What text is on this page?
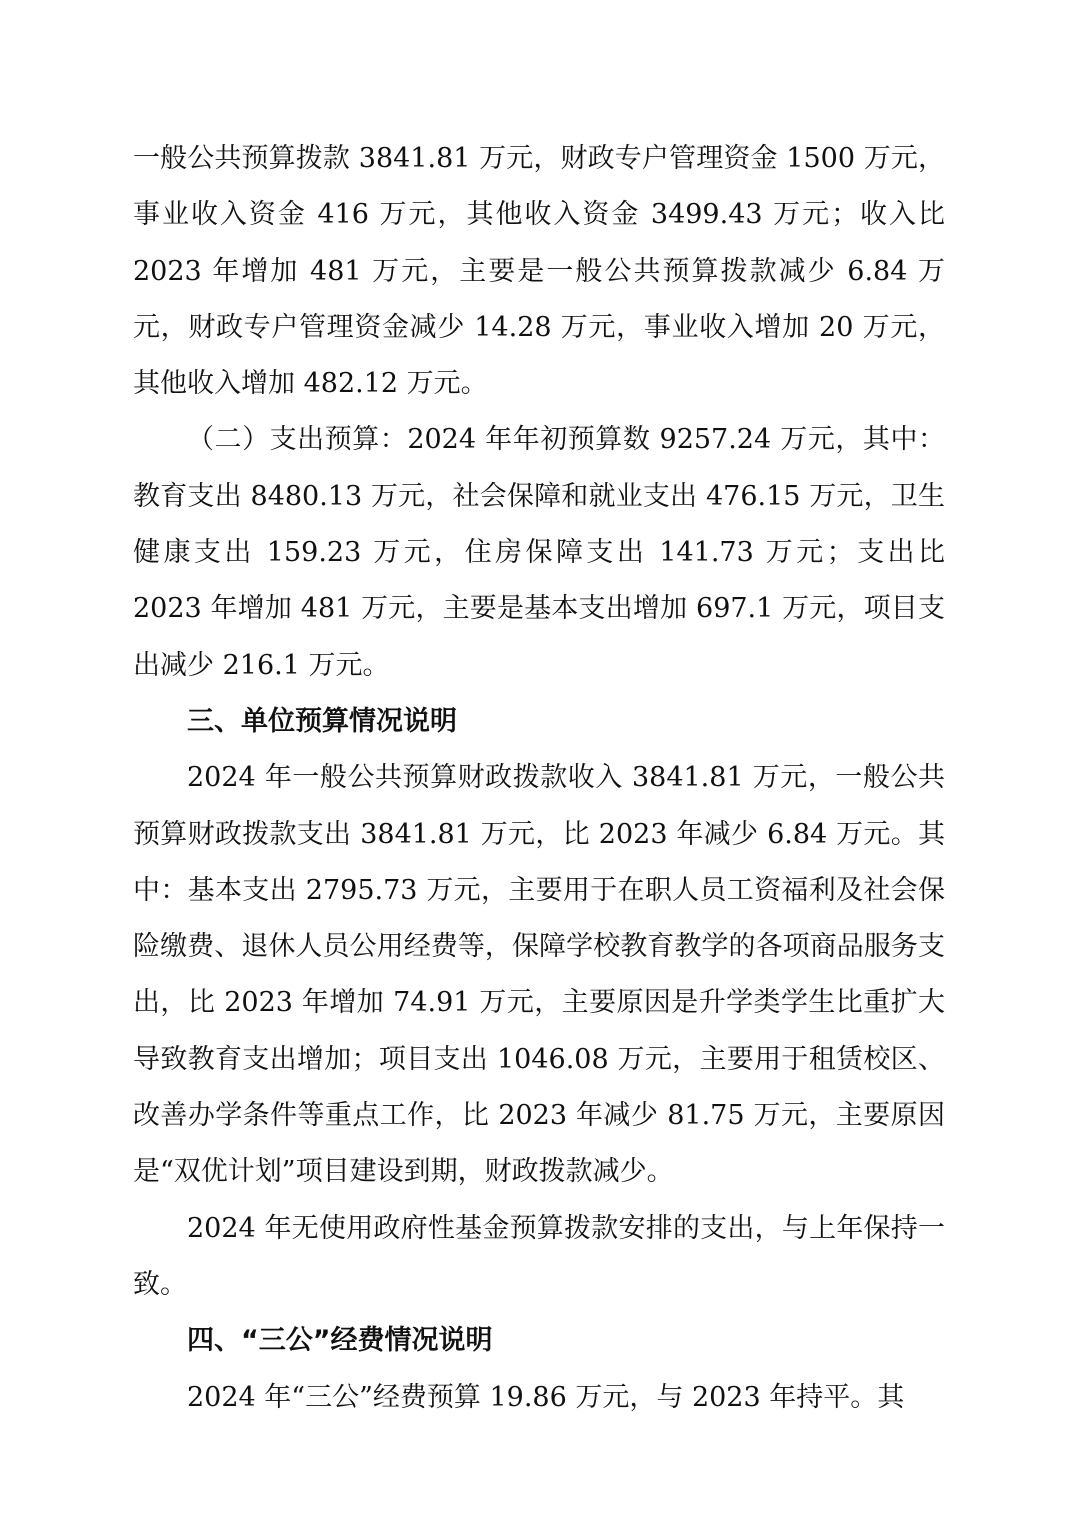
一般公共预算拨款 3841.81 万元，财政专户管理资金 1500 万元，事业收入资金 416 万元，其他收入资金 3499.43 万元；收入比 2023 年增加 481 万元，主要是一般公共预算拨款减少 6.84 万元，财政专户管理资金减少 14.28 万元，事业收入增加 20 万元，其他收入增加 482.12 万元。

（二）支出预算：2024 年年初预算数 9257.24 万元，其中：教育支出 8480.13 万元，社会保障和就业支出 476.15 万元，卫生健康支出 159.23 万元，住房保障支出 141.73 万元；支出比 2023 年增加 481 万元，主要是基本支出增加 697.1 万元，项目支出减少 216.1 万元。

三、单位预算情况说明

2024 年一般公共预算财政拨款收入 3841.81 万元，一般公共预算财政拨款支出 3841.81 万元，比 2023 年减少 6.84 万元。其中：基本支出 2795.73 万元，主要用于在职人员工资福利及社会保险缴费、退休人员公用经费等，保障学校教育教学的各项商品服务支出，比 2023 年增加 74.91 万元，主要原因是升学类学生比重扩大导致教育支出增加；项目支出 1046.08 万元，主要用于租赁校区、改善办学条件等重点工作，比 2023 年减少 81.75 万元，主要原因是“双优计划”项目建设到期，财政拨款减少。

2024 年无使用政府性基金预算拨款安排的支出，与上年保持一致。

四、“三公”经费情况说明

2024 年“三公”经费预算 19.86 万元，与 2023 年持平。其
